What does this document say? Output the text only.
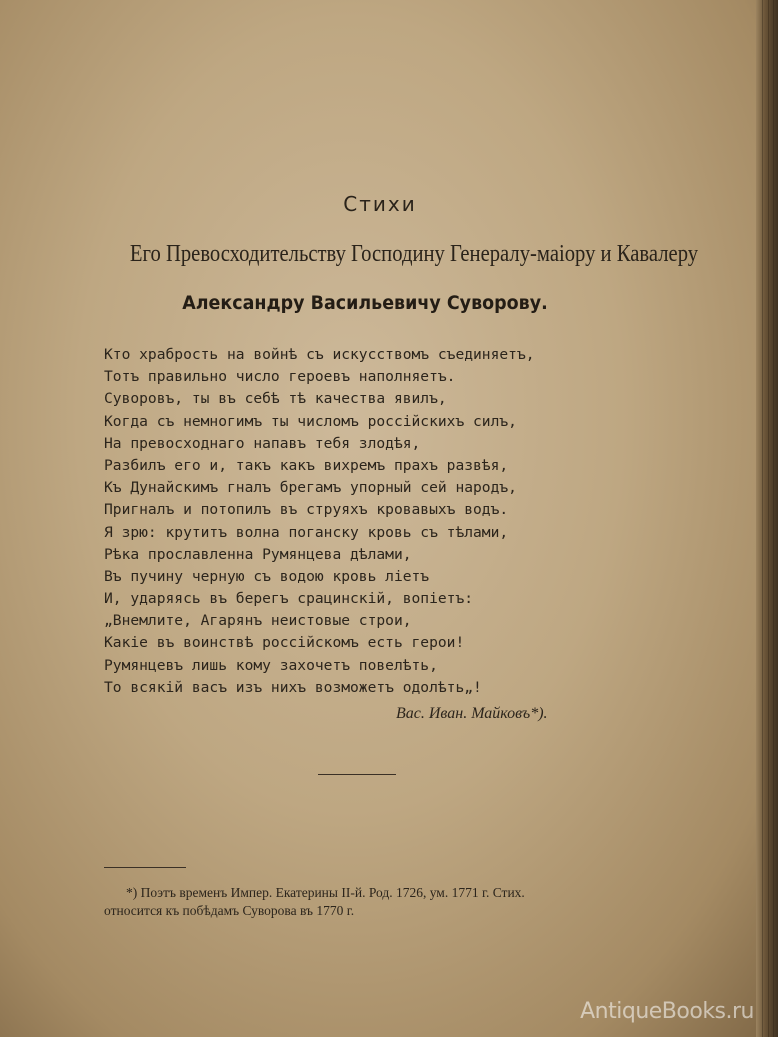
Стихи
Его Превосходительству Господину Генералу-маіору и Кавалеру
Александру Васильевичу Суворову.
Кто храбрость на войнѣ съ искусствомъ съединяетъ,
Тотъ правильно число героевъ наполняетъ.
Суворовъ, ты въ себѣ тѣ качества явилъ,
Когда съ немногимъ ты числомъ россійскихъ силъ,
На превосходнаго напавъ тебя злодѣя,
Разбилъ его и, такъ какъ вихремъ прахъ развѣя,
Къ Дунайскимъ гналъ брегамъ упорный сей народъ,
Пригналъ и потопилъ въ струяхъ кровавыхъ водъ.
Я зрю: крутитъ волна поганску кровь съ тѣлами,
Рѣка прославленна Румянцева дѣлами,
Въ пучину черную съ водою кровь лiетъ
И, ударяясь въ берегъ срацинскій, вопіетъ:
„Внемлите, Агарянъ неистовые строи,
Какіе въ воинствѣ россійскомъ есть герои!
Румянцевъ лишь кому захочетъ повелѣть,
То всякій васъ изъ нихъ возможетъ одолѣть„!
Вас. Иван. Майковъ*).
*) Поэтъ временъ Импер. Екатерины II-й. Род. 1726, ум. 1771 г. Стих.
относится къ побѣдамъ Суворова въ 1770 г.
AntiqueBooks.ru
